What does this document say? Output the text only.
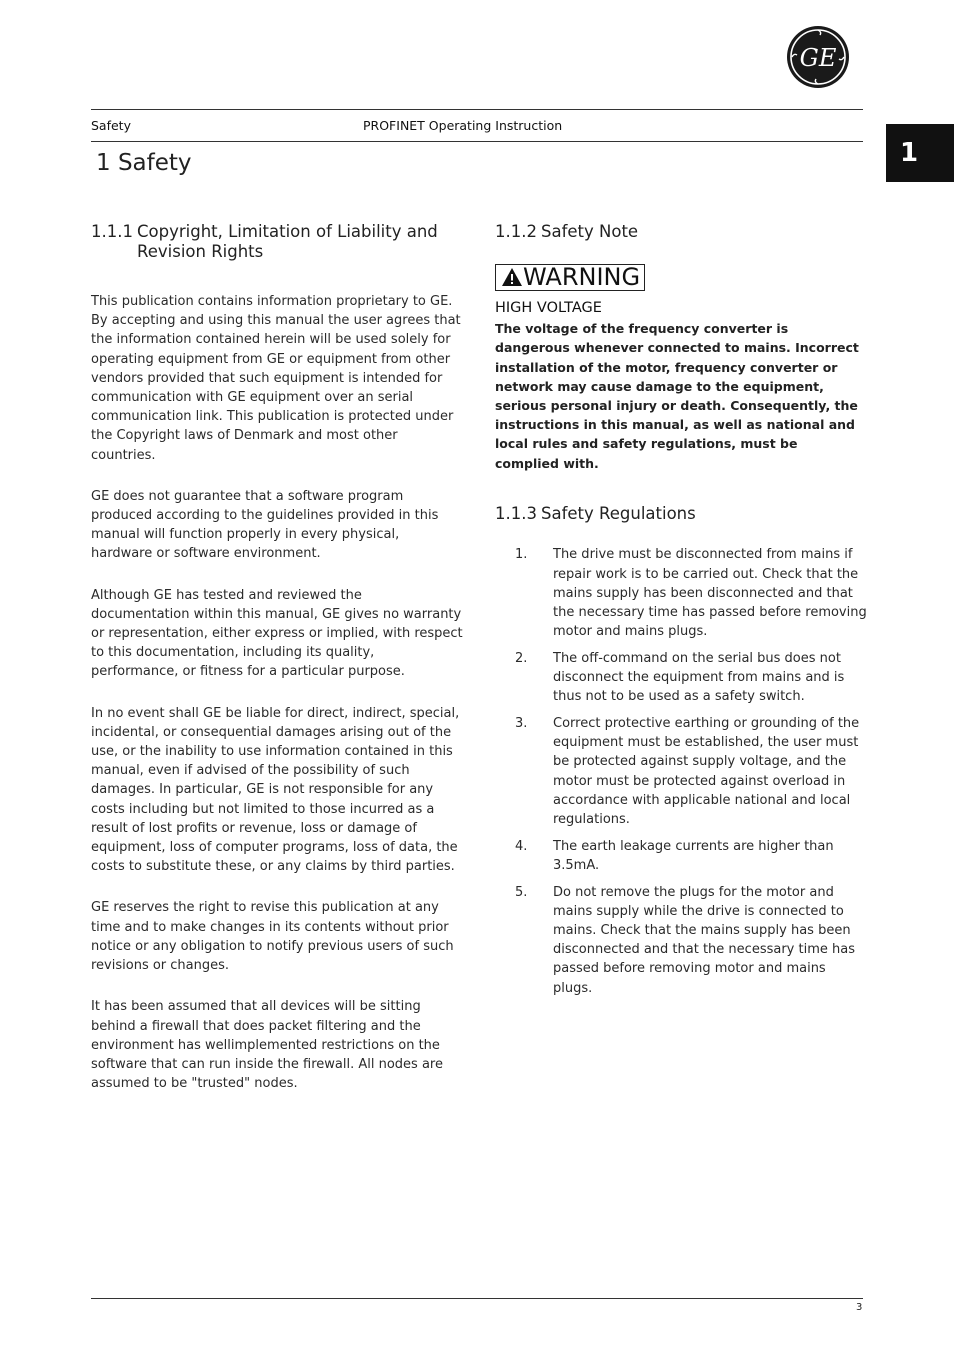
GE
Safety	PROFINET Operating Instruction
1
1 Safety
1.1.1 Copyright, Limitation of Liability and Revision Rights

This publication contains information proprietary to GE. By accepting and using this manual the user agrees that the information contained herein will be used solely for operating equipment from GE or equipment from other vendors provided that such equipment is intended for communication with GE equipment over an serial communication link. This publication is protected under the Copyright laws of Denmark and most other countries.

GE does not guarantee that a software program produced according to the guidelines provided in this manual will function properly in every physical, hardware or software environment.

Although GE has tested and reviewed the documentation within this manual, GE gives no warranty or representation, either express or implied, with respect to this documentation, including its quality, performance, or fitness for a particular purpose.

In no event shall GE be liable for direct, indirect, special, incidental, or consequential damages arising out of the use, or the inability to use information contained in this manual, even if advised of the possibility of such damages. In particular, GE is not responsible for any costs including but not limited to those incurred as a result of lost profits or revenue, loss or damage of equipment, loss of computer programs, loss of data, the costs to substitute these, or any claims by third parties.

GE reserves the right to revise this publication at any time and to make changes in its contents without prior notice or any obligation to notify previous users of such revisions or changes.

It has been assumed that all devices will be sitting behind a firewall that does packet filtering and the environment has wellimplemented restrictions on the software that can run inside the firewall. All nodes are assumed to be "trusted" nodes.

1.1.2 Safety Note
WARNING
HIGH VOLTAGE
The voltage of the frequency converter is dangerous whenever connected to mains. Incorrect installation of the motor, frequency converter or network may cause damage to the equipment, serious personal injury or death. Consequently, the instructions in this manual, as well as national and local rules and safety regulations, must be complied with.
1.1.3 Safety Regulations
1.	The drive must be disconnected from mains if repair work is to be carried out. Check that the mains supply has been disconnected and that the necessary time has passed before removing motor and mains plugs.
2.	The off-command on the serial bus does not disconnect the equipment from mains and is thus not to be used as a safety switch.
3.	Correct protective earthing or grounding of the equipment must be established, the user must be protected against supply voltage, and the motor must be protected against overload in accordance with applicable national and local regulations.
4.	The earth leakage currents are higher than 3.5mA.
5.	Do not remove the plugs for the motor and mains supply while the drive is connected to mains. Check that the mains supply has been disconnected and that the necessary time has passed before removing motor and mains plugs.
3
